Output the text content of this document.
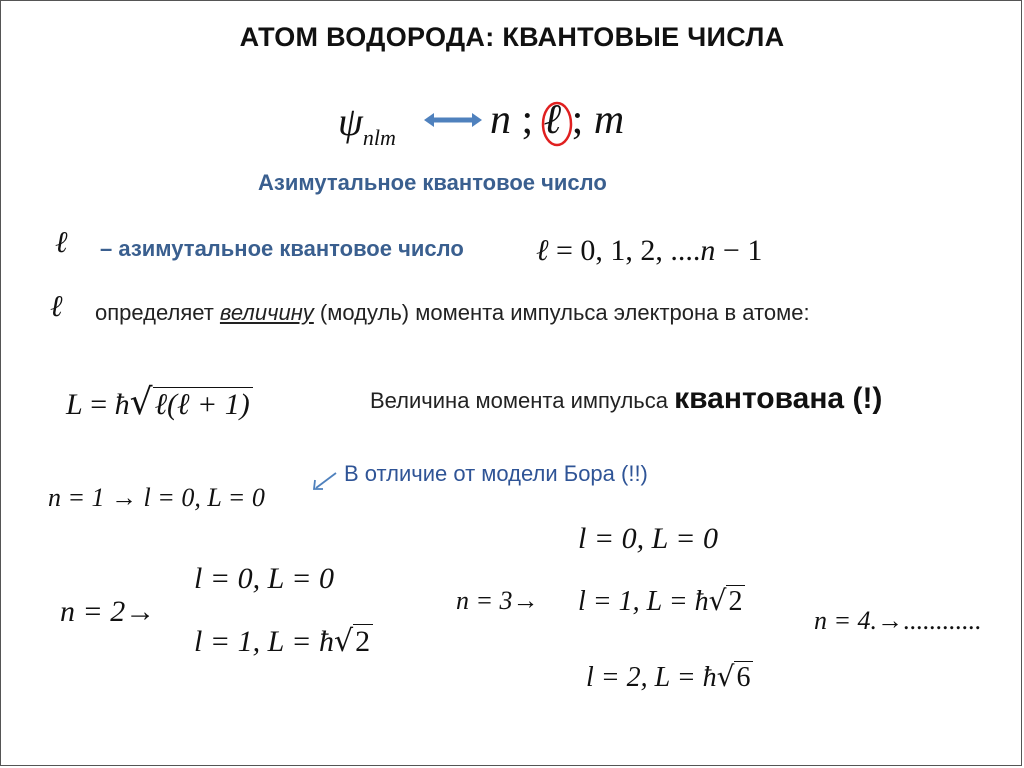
АТОМ ВОДОРОДА: КВАНТОВЫЕ ЧИСЛА
$\psi_{nlm}$ n ; ℓ ; m
Азимутальное квантовое число
ℓ – азимутальное квантовое число ℓ = 0, 1, 2, ....n − 1
ℓ определяет величину (модуль) момента импульса электрона в атоме:
L = ħ√ℓ(ℓ + 1)	Величина момента импульса квантована (!)
В отличие от модели Бора (!!)
n = 1 → l = 0, L = 0
n = 2→
l = 0, L = 0
l = 1, L = ħ√2
n = 3→
l = 0, L = 0
l = 1, L = ħ√2
l = 2, L = ħ√6
n = 4.→............
